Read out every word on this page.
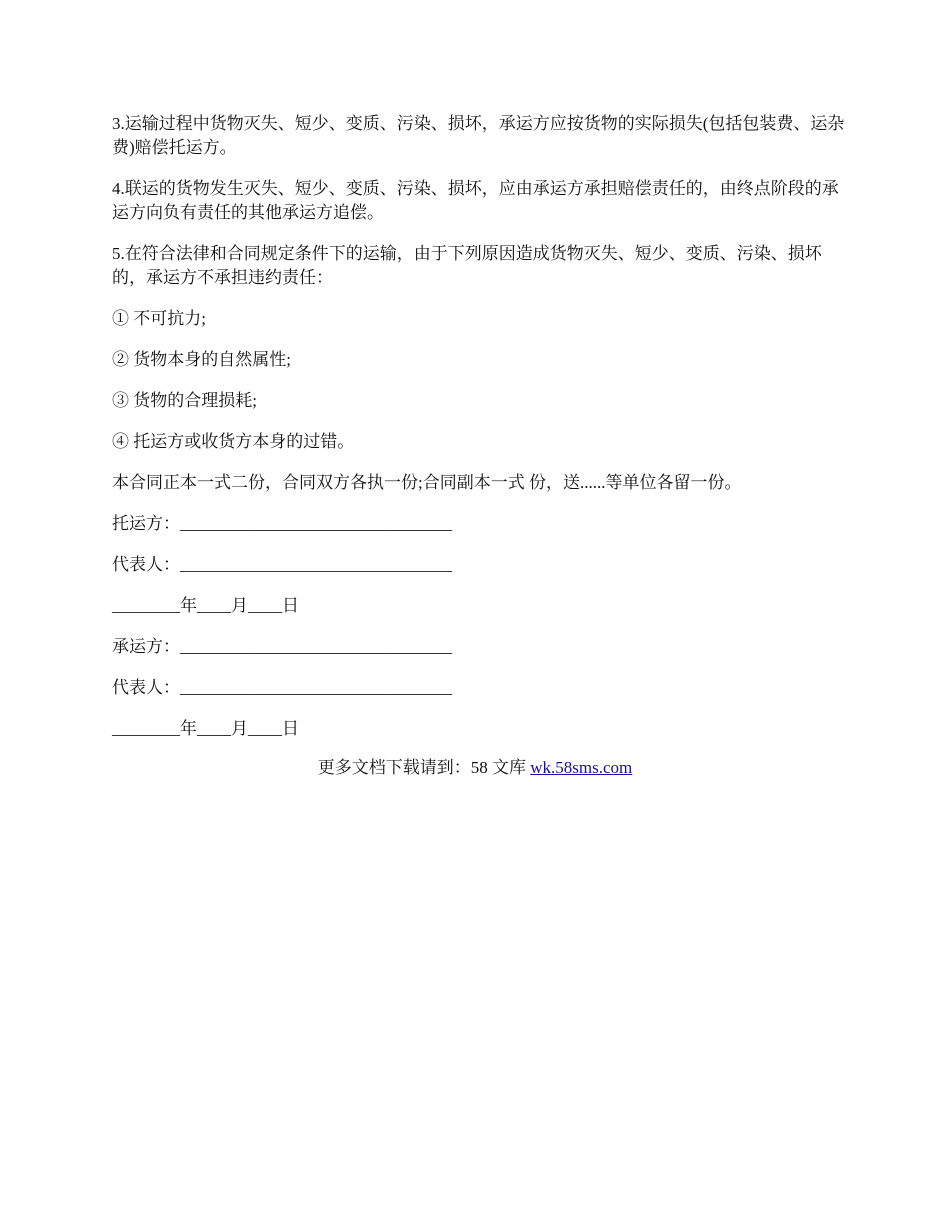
3.运输过程中货物灭失、短少、变质、污染、损坏，承运方应按货物的实际损失(包括包装费、运杂费)赔偿托运方。

4.联运的货物发生灭失、短少、变质、污染、损坏，应由承运方承担赔偿责任的，由终点阶段的承运方向负有责任的其他承运方追偿。

5.在符合法律和合同规定条件下的运输，由于下列原因造成货物灭失、短少、变质、污染、损坏的，承运方不承担违约责任：

① 不可抗力;

② 货物本身的自然属性;

③ 货物的合理损耗;

④ 托运方或收货方本身的过错。

本合同正本一式二份，合同双方各执一份;合同副本一式 份，送......等单位各留一份。

托运方：________________________________

代表人：________________________________

________年____月____日

承运方：________________________________

代表人：________________________________

________年____月____日

更多文档下载请到：58 文库 wk.58sms.com
